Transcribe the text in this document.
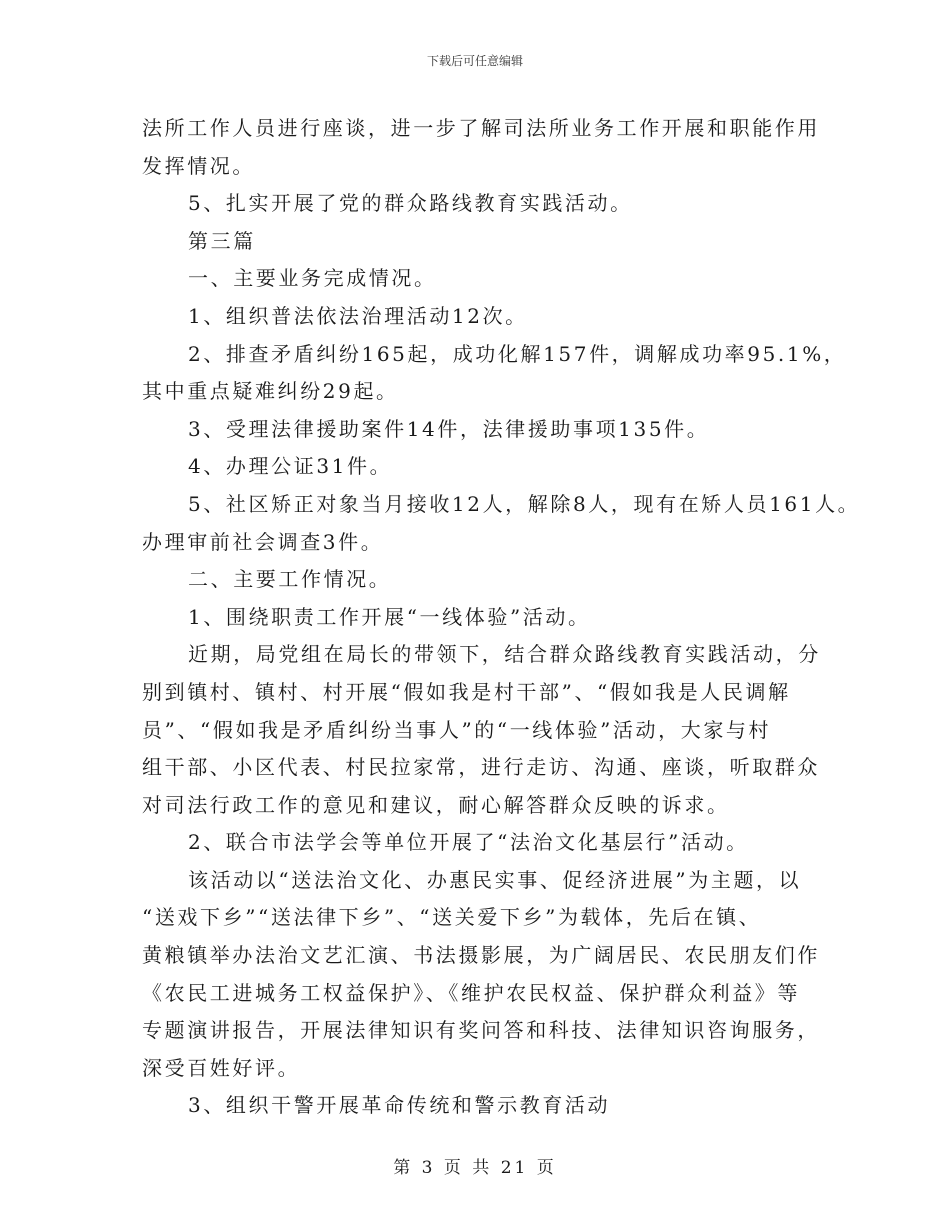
下载后可任意编辑
法所工作人员进行座谈，进一步了解司法所业务工作开展和职能作用
发挥情况。
5、扎实开展了党的群众路线教育实践活动。
第三篇
一、主要业务完成情况。
1、组织普法依法治理活动12次。
2、排查矛盾纠纷165起，成功化解157件，调解成功率95.1%，
其中重点疑难纠纷29起。
3、受理法律援助案件14件，法律援助事项135件。
4、办理公证31件。
5、社区矫正对象当月接收12人，解除8人，现有在矫人员161人。
办理审前社会调查3件。
二、主要工作情况。
1、围绕职责工作开展“一线体验”活动。
近期，局党组在局长的带领下，结合群众路线教育实践活动，分
别到镇村、镇村、村开展“假如我是村干部”、“假如我是人民调解
员”、“假如我是矛盾纠纷当事人”的“一线体验”活动，大家与村
组干部、小区代表、村民拉家常，进行走访、沟通、座谈，听取群众
对司法行政工作的意见和建议，耐心解答群众反映的诉求。
2、联合市法学会等单位开展了“法治文化基层行”活动。
该活动以“送法治文化、办惠民实事、促经济进展”为主题，以
“送戏下乡”“送法律下乡”、“送关爱下乡”为载体，先后在镇、
黄粮镇举办法治文艺汇演、书法摄影展，为广阔居民、农民朋友们作
《农民工进城务工权益保护》、《维护农民权益、保护群众利益》等
专题演讲报告，开展法律知识有奖问答和科技、法律知识咨询服务，
深受百姓好评。
3、组织干警开展革命传统和警示教育活动
第 3 页 共 21 页
